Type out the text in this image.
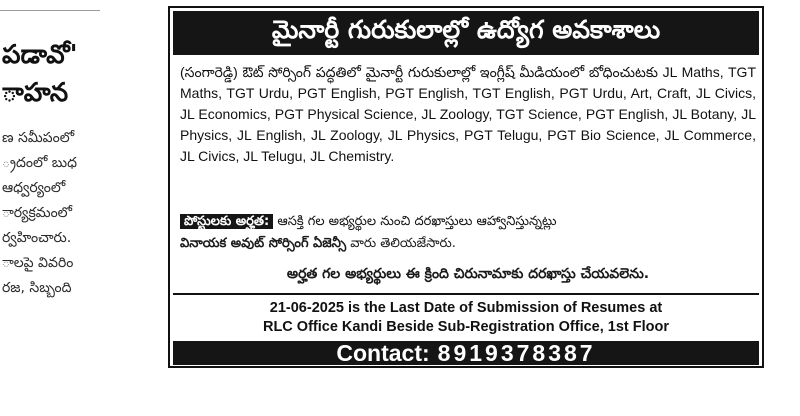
పడావో'
ాహన
ణ సమీపంలో
్రదంలో బుధ
ఆధ్వర్యంలో
ార్యక్రమంలో
ర్వహించారు.
ాలపై వివరిం
రజ, సిబ్బంది
మైనార్టీ గురుకులాల్లో ఉద్యోగ అవకాశాలు
(సంగారెడ్డి) ఔట్ సోర్సింగ్ పద్ధతిలో మైనార్టీ గురుకులాల్లో ఇంగ్లీష్ మీడియంలో బోధించుటకు JL Maths, TGT Maths, TGT Urdu, PGT English, PGT English, TGT English, PGT Urdu, Art, Craft, JL Civics, JL Economics, PGT Physical Science, JL Zoology, TGT Science, PGT English, JL Botany, JL Physics, JL English, JL Zoology, JL Physics, PGT Telugu, PGT Bio Science, JL Commerce, JL Civics, JL Telugu, JL Chemistry.
పోస్టులకు అర్హత: ఆసక్తి గల అభ్యర్థుల నుంచి దరఖాస్తులు ఆహ్వానిస్తున్నట్లు
వినాయక అవుట్ సోర్సింగ్ ఏజెన్సీ వారు తెలియజేసారు.
అర్హత గల అభ్యర్థులు ఈ క్రింది చిరునామాకు దరఖాస్తు చేయవలెను.
21-06-2025 is the Last Date of Submission of Resumes at
RLC Office Kandi Beside Sub-Registration Office, 1st Floor
Contact: 8919378387
